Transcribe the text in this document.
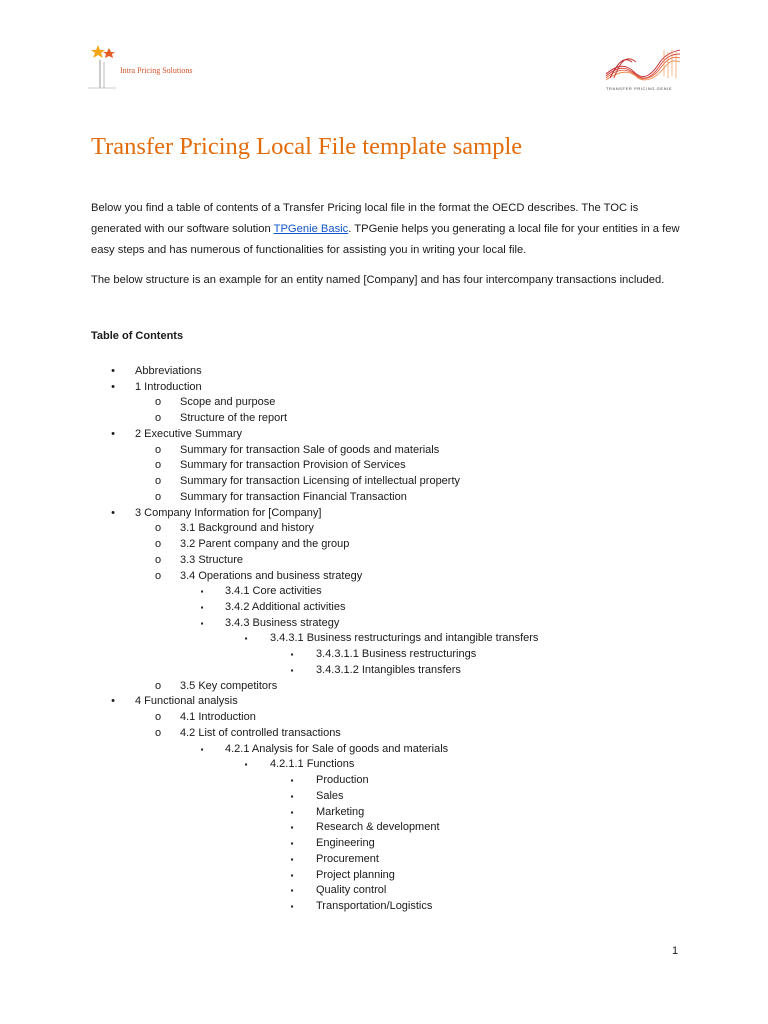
Intra Pricing Solutions
TRANSFER PRICING GENIE
Transfer Pricing Local File template sample

Below you find a table of contents of a Transfer Pricing local file in the format the OECD describes. The TOC is generated with our software solution TPGenie Basic. TPGenie helps you generating a local file for your entities in a few easy steps and has numerous of functionalities for assisting you in writing your local file.

The below structure is an example for an entity named [Company] and has four intercompany transactions included.

Table of Contents

•	Abbreviations
•	1 Introduction
o Scope and purpose
o Structure of the report
•	2 Executive Summary
o Summary for transaction Sale of goods and materials
o Summary for transaction Provision of Services
o Summary for transaction Licensing of intellectual property
o Summary for transaction Financial Transaction
•	3 Company Information for [Company]
o 3.1 Background and history
o 3.2 Parent company and the group
o 3.3 Structure
o 3.4 Operations and business strategy
▪	3.4.1 Core activities
▪	3.4.2 Additional activities
▪	3.4.3 Business strategy
▪	3.4.3.1 Business restructurings and intangible transfers
▪	3.4.3.1.1 Business restructurings
▪	3.4.3.1.2 Intangibles transfers
o 3.5 Key competitors
•	4 Functional analysis
o 4.1 Introduction
o 4.2 List of controlled transactions
▪	4.2.1 Analysis for Sale of goods and materials
▪	4.2.1.1 Functions
▪	Production
▪	Sales
▪	Marketing
▪	Research & development
▪	Engineering
▪	Procurement
▪	Project planning
▪	Quality control
▪	Transportation/Logistics
1
